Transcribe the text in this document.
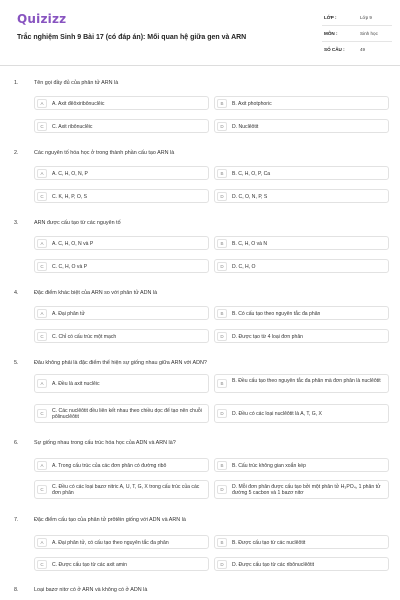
Quizizz
Trắc nghiệm Sinh 9 Bài 17 (có đáp án): Mối quan hệ giữa gen và ARN
LỚP :	Lớp 9
MÔN :	Sinh học
SỐ CÂU :	49
1.	Tên gọi đầy đủ của phân tử ARN là
A	A. Axit đêôxiribônuclêic	B	B. Axit photphoric
C	C. Axit ribônuclêic	D	D. Nuclêôtit
2.	Các nguyên tố hóa học ở trong thành phần cấu tạo ARN là
A	A. C, H, O, N, P	B	B. C, H, O, P, Ca
C	C. K, H, P, O, S	D	D. C, O, N, P, S
3.	ARN được cấu tạo từ các nguyên tố
A	A. C, H, O, N và P	B	B. C, H, O và N
C	C. C, H, O và P	D	D. C, H, O
4.	Đặc điểm khác biệt của ARN so với phân tử ADN là
A	A. Đại phân tử	B	B. Có cấu tạo theo nguyên tắc đa phân
C	C. Chỉ có cấu trúc một mạch	D	D. Được tạo từ 4 loại đơn phân
5.	Đâu không phải là đặc điểm thể hiện sự giống nhau giữa ARN với ADN?
A	A. Đều là axit nuclêic	B	B. Đều cấu tạo theo nguyên tắc đa phân mà đơn phân là nuclêôtit
C	C. Các nuclêôtit đều liên kết nhau theo chiều dọc để tạo nên chuỗi pôlinuclêôtit
D	D. Đều có các loại nuclêôtit là A, T, G, X
6.	Sự giống nhau trong cấu trúc hóa học của ADN và ARN là?
A	A. Trong cấu trúc của các đơn phân có đường ribô	B	B. Cấu trúc không gian xoắn kép
C	C. Đều có các loại bazơ nitric A, U, T, G, X trong cấu trúc của các đơn phân
D	D. Mỗi đơn phân được cấu tạo bởi một phân tử H₃PO₄, 1 phân tử đường 5 cacbon và 1 bazơ nitơ
7.	Đặc điểm cấu tạo của phân tử prôtêin giống với ADN và ARN là
A	A. Đại phân tử, có cấu tạo theo nguyên tắc đa phân	B	B. Được cấu tạo từ các nuclêôtit
C	C. Được cấu tạo từ các axit amin	D	D. Được cấu tạo từ các ribônuclêôtit
8.	Loại bazơ nitơ có ở ARN và không có ở ADN là
